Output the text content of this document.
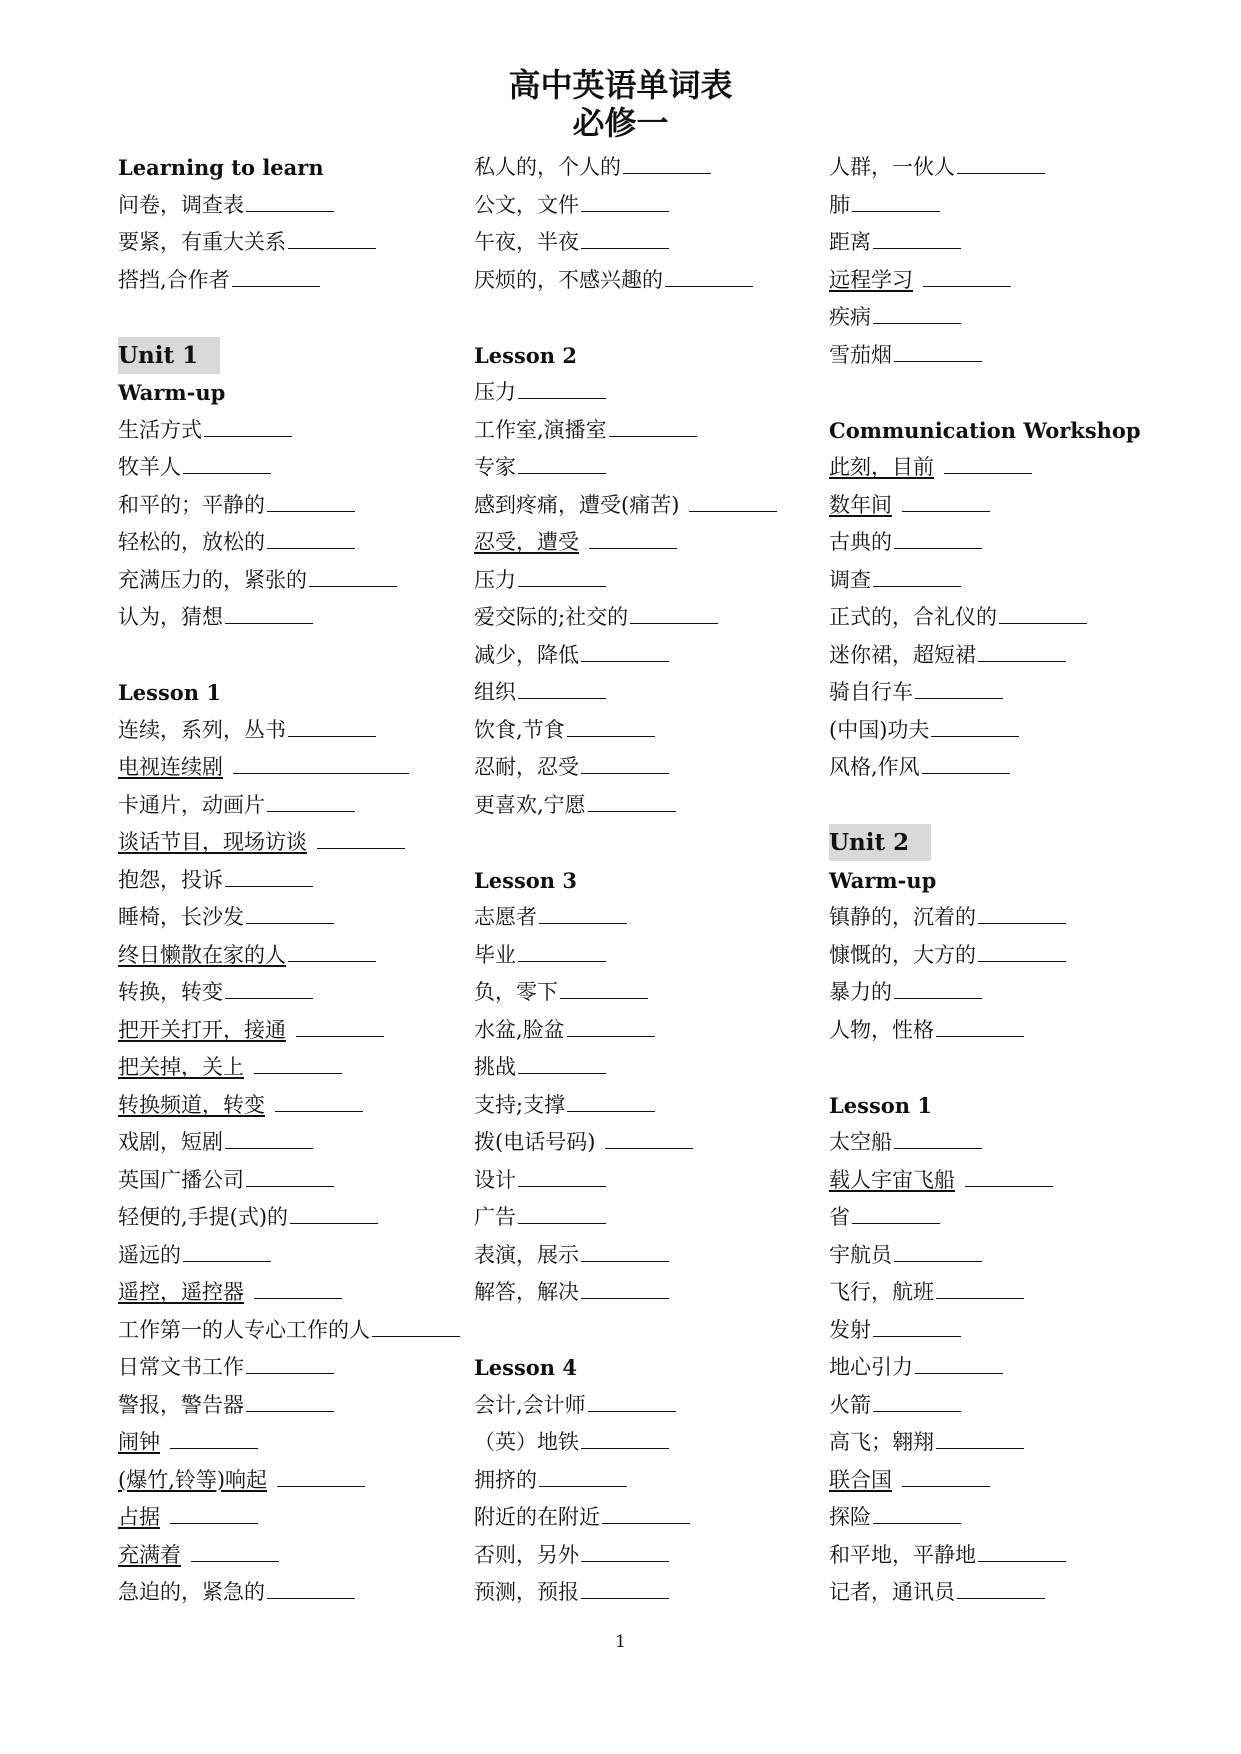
高中英语单词表
必修一
Learning to learn
问卷，调查表
要紧，有重大关系
搭挡,合作者
Unit 1
Warm-up
生活方式
牧羊人
和平的；平静的
轻松的，放松的
充满压力的，紧张的
认为，猜想
Lesson 1
连续，系列，丛书
电视连续剧
卡通片，动画片
谈话节目，现场访谈
抱怨，投诉
睡椅，长沙发
终日懒散在家的人
转换，转变
把开关打开，接通
把关掉，关上
转换频道，转变
戏剧，短剧
英国广播公司
轻便的,手提(式)的
遥远的
遥控，遥控器
工作第一的人专心工作的人
日常文书工作
警报，警告器
闹钟
(爆竹,铃等)响起
占据
充满着
急迫的，紧急的
私人的，个人的
公文，文件
午夜，半夜
厌烦的，不感兴趣的
Lesson 2
压力
工作室,演播室
专家
感到疼痛，遭受(痛苦)
忍受，遭受
压力
爱交际的;社交的
减少，降低
组织
饮食,节食
忍耐，忍受
更喜欢,宁愿
Lesson 3
志愿者
毕业
负，零下
水盆,脸盆
挑战
支持;支撑
拨(电话号码)
设计
广告
表演，展示
解答，解决
Lesson 4
会计,会计师
（英）地铁
拥挤的
附近的在附近
否则，另外
预测，预报
人群，一伙人
肺
距离
远程学习
疾病
雪茄烟
Communication Workshop
此刻，目前
数年间
古典的
调查
正式的，合礼仪的
迷你裙，超短裙
骑自行车
(中国)功夫
风格,作风
Unit 2
Warm-up
镇静的，沉着的
慷慨的，大方的
暴力的
人物，性格
Lesson 1
太空船
载人宇宙飞船
省
宇航员
飞行，航班
发射
地心引力
火箭
高飞；翱翔
联合国
探险
和平地，平静地
记者，通讯员
1
